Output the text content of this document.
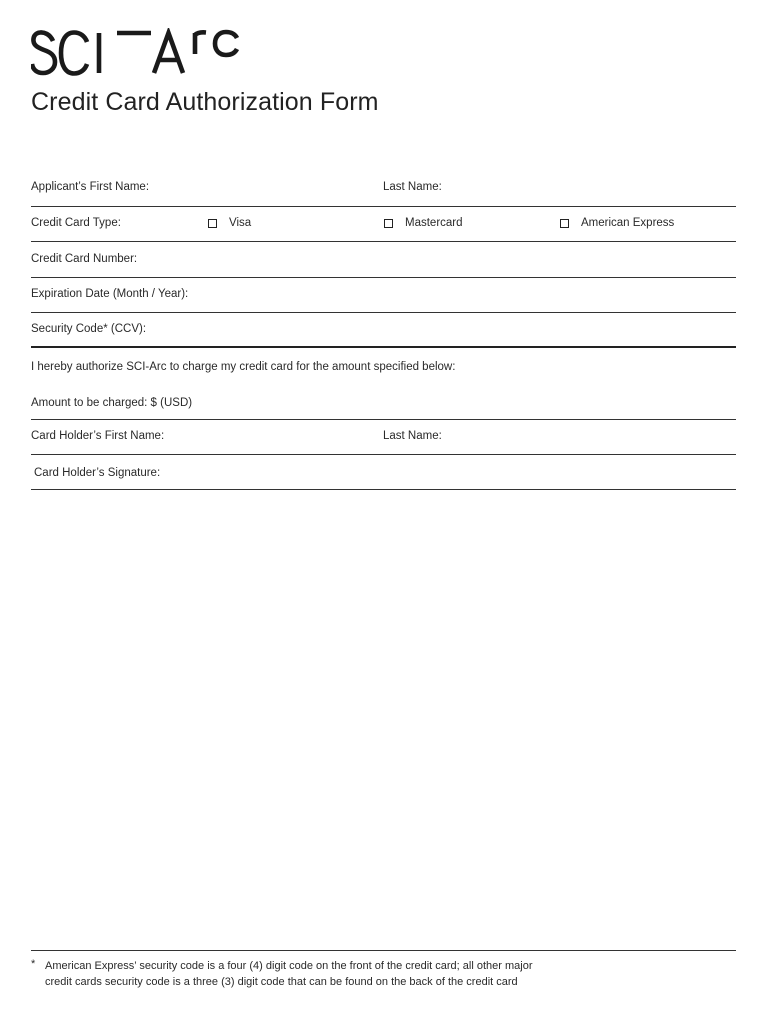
Credit Card Authorization Form
Applicant’s First Name:	Last Name:
Credit Card Type:	Visa	Mastercard	American Express
Credit Card Number:
Expiration Date (Month / Year):
Security Code* (CCV):
I hereby authorize SCI-Arc to charge my credit card for the amount specified below:
Amount to be charged: $ (USD)
Card Holder’s First Name:	Last Name:
Card Holder’s Signature:
* American Express’ security code is a four (4) digit code on the front of the credit card; all other major
credit cards security code is a three (3) digit code that can be found on the back of the credit card
